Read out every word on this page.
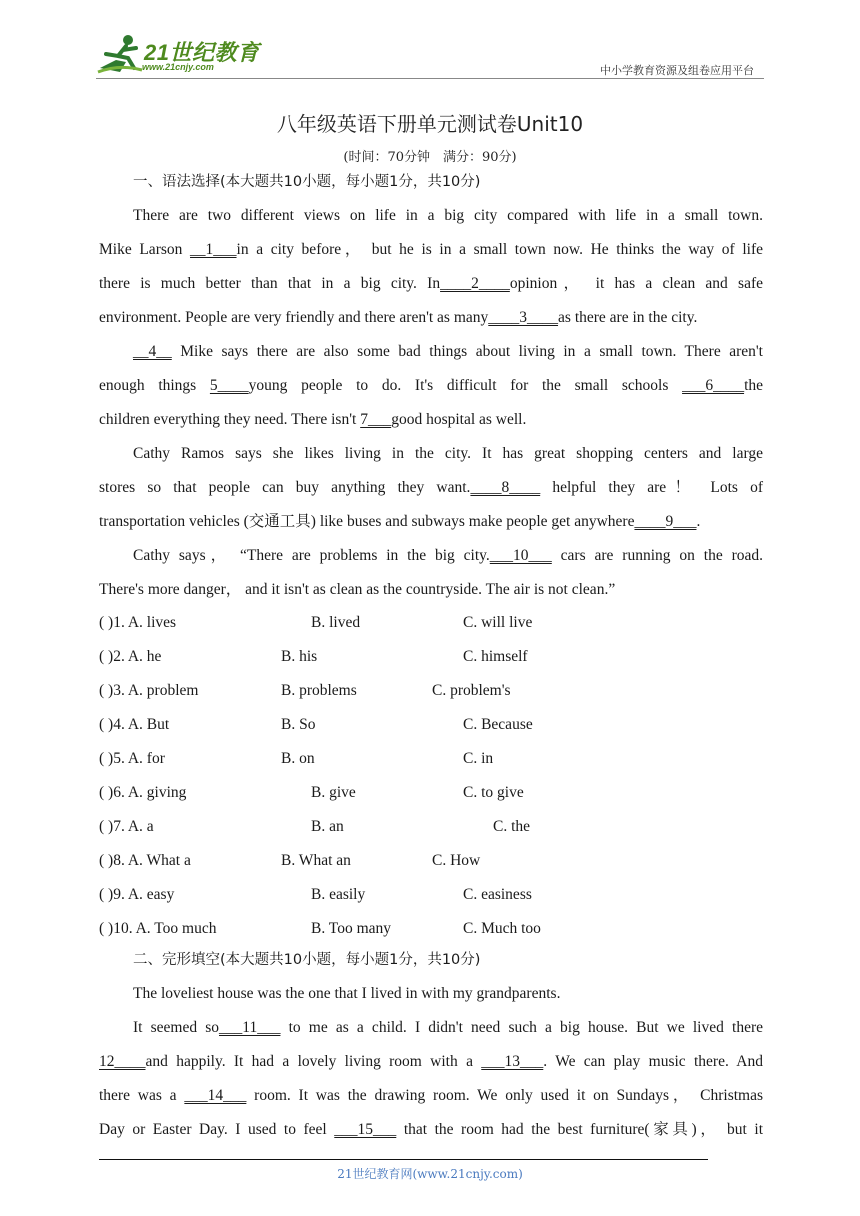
21世纪教育
www.21cnjy.com	中小学教育资源及组卷应用平台
八年级英语下册单元测试卷Unit10
(时间：70分钟　满分：90分)
一、语法选择(本大题共10小题，每小题1分，共10分)
There are two different views on life in a big city compared with life in a small town.
Mike Larson __1___in a city before， but he is in a small town now. He thinks the way of life
there is much better than that in a big city. In____2____opinion， it has a clean and safe
environment. People are very friendly and there aren't as many____3____as there are in the city.
__4__ Mike says there are also some bad things about living in a small town. There aren't
enough things 5____young people to do. It's difficult for the small schools ___6____the
children everything they need. There isn't 7___good hospital as well.
Cathy Ramos says she likes living in the city. It has great shopping centers and large
stores so that people can buy anything they want.____8____ helpful they are！ Lots of
transportation vehicles (交通工具) like buses and subways make people get anywhere____9___.
Cathy says， “There are problems in the big city.___10___ cars are running on the road.
There's more danger， and it isn't as clean as the countryside. The air is not clean.”
( )1. A. lives	B. lived	C. will live
( )2. A. he	B. his	C. himself
( )3. A. problem	B. problems	C. problem's
( )4. A. But	B. So	C. Because
( )5. A. for	B. on	C. in
( )6. A. giving	B. give	C. to give
( )7. A. a	B. an	C. the
( )8. A. What a	B. What an	C. How
( )9. A. easy	B. easily	C. easiness
( )10. A. Too much	B. Too many	C. Much too
二、完形填空(本大题共10小题，每小题1分，共10分)
The loveliest house was the one that I lived in with my grandparents.
It seemed so___11___ to me as a child. I didn't need such a big house. But we lived there
12____and happily. It had a lovely living room with a ___13___. We can play music there. And
there was a ___14___ room. It was the drawing room. We only used it on Sundays， Christmas
Day or Easter Day. I used to feel ___15___ that the room had the best furniture(家具)， but it
21世纪教育网(www.21cnjy.com)
